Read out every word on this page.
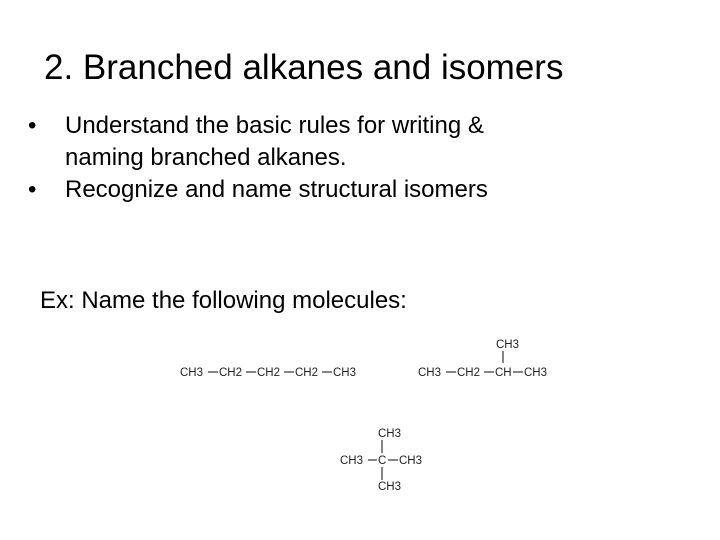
2. Branched alkanes and isomers
•	Understand the basic rules for writing &
naming branched alkanes.
•	Recognize and name structural isomers
Ex: Name the following molecules:
CH3 CH2 CH2 CH2 CH3
CH3
CH3 CH2 CH CH3
CH3
CH3 C CH3
CH3
